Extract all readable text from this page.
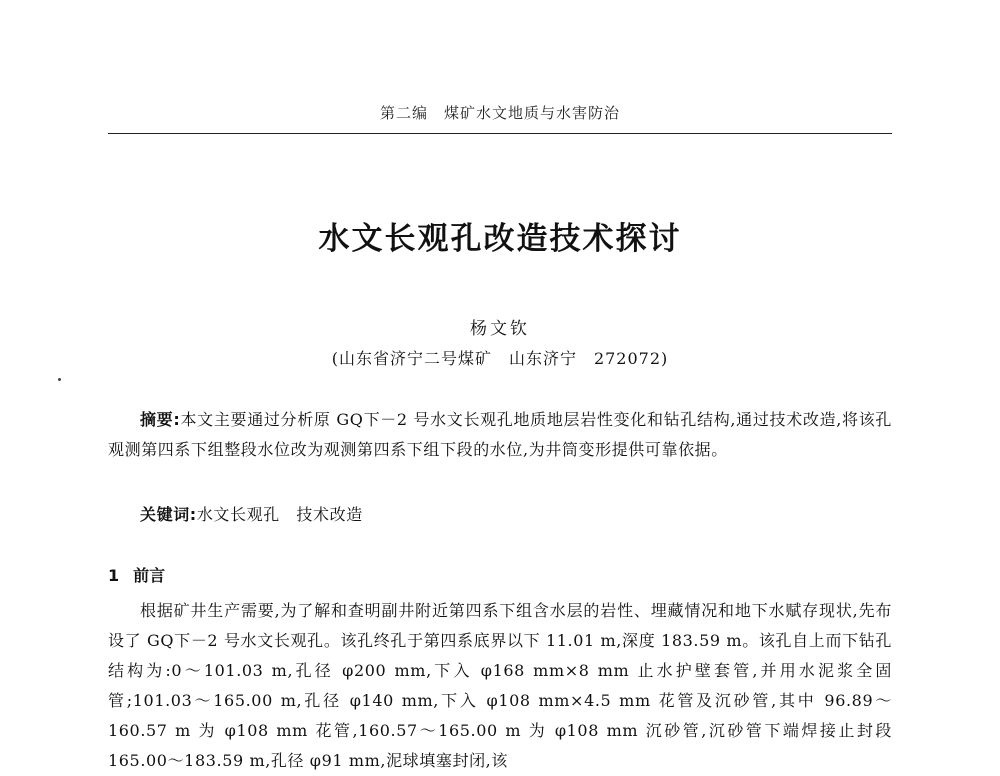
第二编　煤矿水文地质与水害防治
水文长观孔改造技术探讨
杨文钦
(山东省济宁二号煤矿　山东济宁　272072)
摘要:本文主要通过分析原 GQ下－2 号水文长观孔地质地层岩性变化和钻孔结构,通过技术改造,将该孔观测第四系下组整段水位改为观测第四系下组下段的水位,为井筒变形提供可靠依据。
关键词:水文长观孔　技术改造
1 前言
根据矿井生产需要,为了解和查明副井附近第四系下组含水层的岩性、埋藏情况和地下水赋存现状,先布设了 GQ下－2 号水文长观孔。该孔终孔于第四系底界以下 11.01 m,深度 183.59 m。该孔自上而下钻孔结构为:0～101.03 m,孔径 φ200 mm,下入 φ168 mm×8 mm 止水护壁套管,并用水泥浆全固管;101.03～165.00 m,孔径 φ140 mm,下入 φ108 mm×4.5 mm 花管及沉砂管,其中 96.89～160.57 m 为 φ108 mm 花管,160.57～165.00 m 为 φ108 mm 沉砂管,沉砂管下端焊接止封段 165.00～183.59 m,孔径 φ91 mm,泥球填塞封闭,该
